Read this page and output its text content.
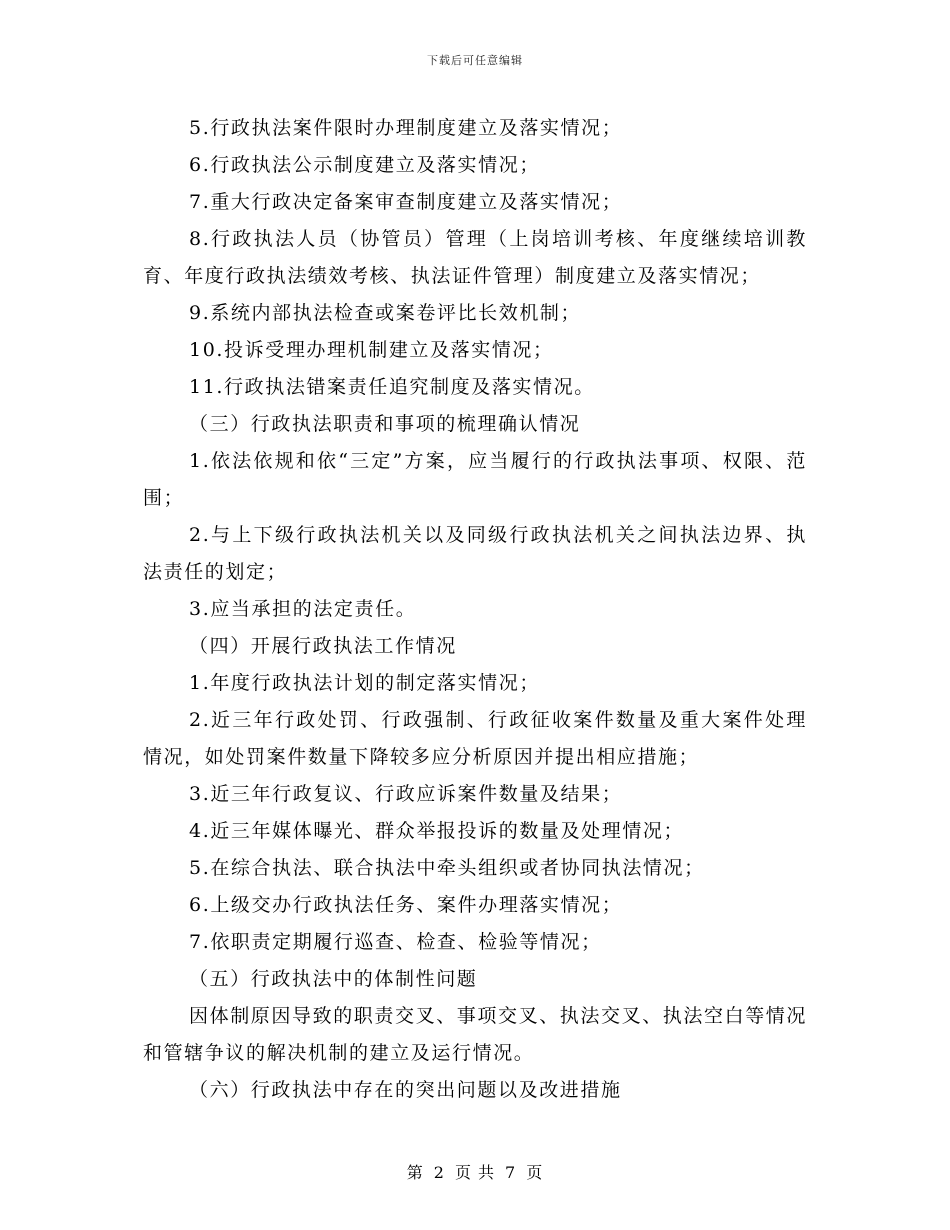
下载后可任意编辑

5.行政执法案件限时办理制度建立及落实情况；

6.行政执法公示制度建立及落实情况；

7.重大行政决定备案审查制度建立及落实情况；

8.行政执法人员（协管员）管理（上岗培训考核、年度继续培训教育、年度行政执法绩效考核、执法证件管理）制度建立及落实情况；

9.系统内部执法检查或案卷评比长效机制；

10.投诉受理办理机制建立及落实情况；

11.行政执法错案责任追究制度及落实情况。

（三）行政执法职责和事项的梳理确认情况

1.依法依规和依“三定”方案，应当履行的行政执法事项、权限、范围；

2.与上下级行政执法机关以及同级行政执法机关之间执法边界、执法责任的划定；

3.应当承担的法定责任。

（四）开展行政执法工作情况

1.年度行政执法计划的制定落实情况；

2.近三年行政处罚、行政强制、行政征收案件数量及重大案件处理情况，如处罚案件数量下降较多应分析原因并提出相应措施；

3.近三年行政复议、行政应诉案件数量及结果；

4.近三年媒体曝光、群众举报投诉的数量及处理情况；

5.在综合执法、联合执法中牵头组织或者协同执法情况；

6.上级交办行政执法任务、案件办理落实情况；

7.依职责定期履行巡查、检查、检验等情况；

（五）行政执法中的体制性问题

因体制原因导致的职责交叉、事项交叉、执法交叉、执法空白等情况和管辖争议的解决机制的建立及运行情况。

（六）行政执法中存在的突出问题以及改进措施

第 2 页 共 7 页
